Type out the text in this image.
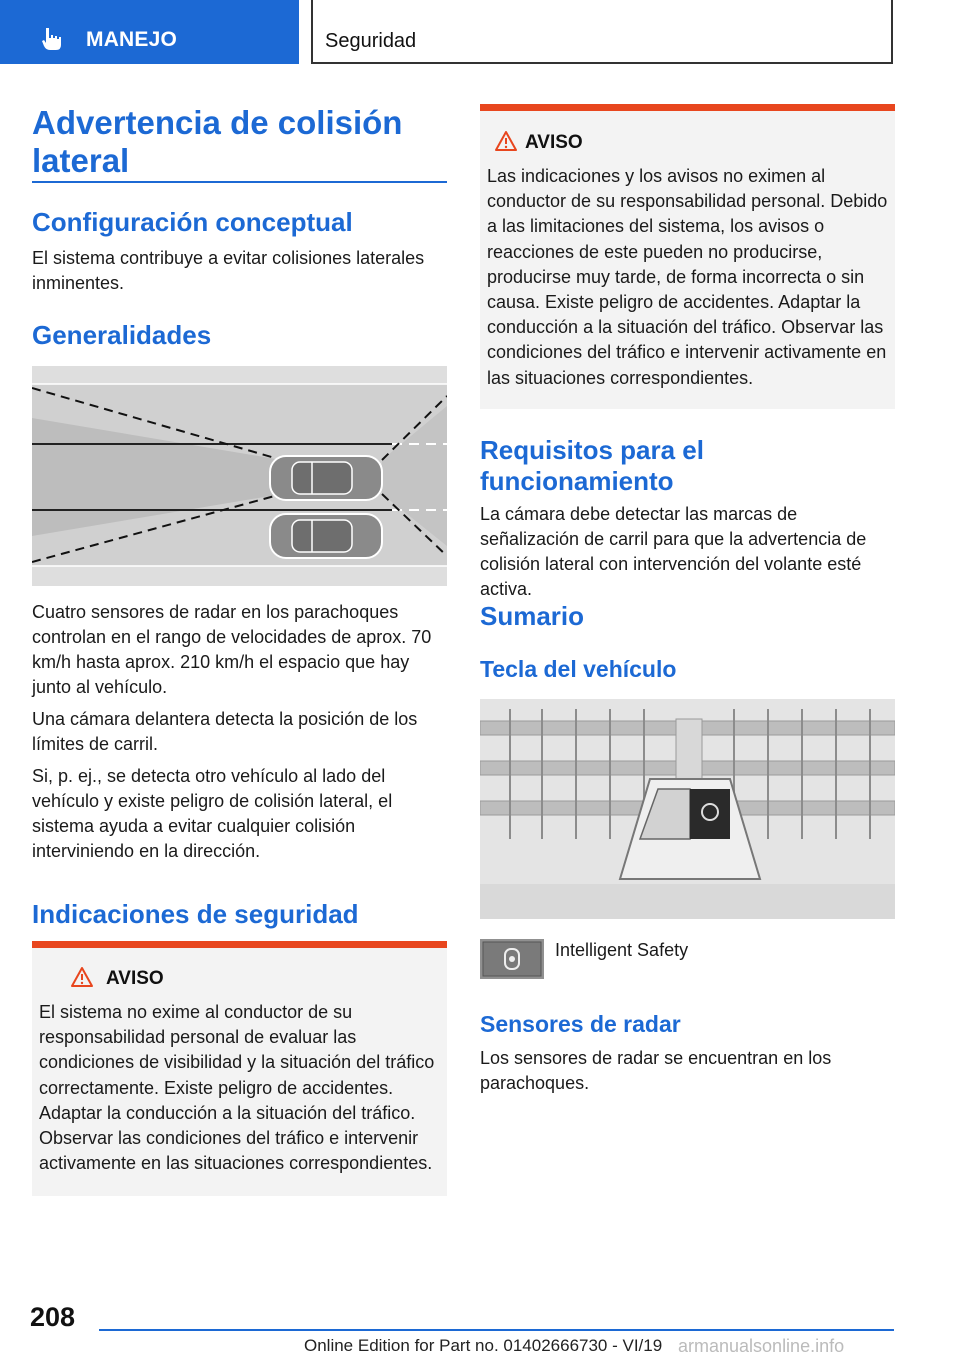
MANEJO	Seguridad
Advertencia de colisión lateral
Configuración conceptual

El sistema contribuye a evitar colisiones laterales inminentes.

Generalidades

Cuatro sensores de radar en los parachoques controlan en el rango de velocidades de aprox. 70 km/h hasta aprox. 210 km/h el espacio que hay junto al vehículo.

Una cámara delantera detecta la posición de los límites de carril.

Si, p. ej., se detecta otro vehículo al lado del vehículo y existe peligro de colisión lateral, el sistema ayuda a evitar cualquier colisión interviniendo en la dirección.

Indicaciones de seguridad
AVISO
El sistema no exime al conductor de su responsabilidad personal de evaluar las condiciones de visibilidad y la situación del tráfico correctamente. Existe peligro de accidentes. Adaptar la conducción a la situación del tráfico. Observar las condiciones del tráfico e intervenir activamente en las situaciones correspondientes.
AVISO
Las indicaciones y los avisos no eximen al conductor de su responsabilidad personal. Debido a las limitaciones del sistema, los avisos o reacciones de este pueden no producirse, producirse muy tarde, de forma incorrecta o sin causa. Existe peligro de accidentes. Adaptar la conducción a la situación del tráfico. Observar las condiciones del tráfico e intervenir activamente en las situaciones correspondientes.
Requisitos para el funcionamiento

La cámara debe detectar las marcas de señalización de carril para que la advertencia de colisión lateral con intervención del volante esté activa.

Sumario
Tecla del vehículo
Intelligent Safety
Sensores de radar

Los sensores de radar se encuentran en los parachoques.

208
Online Edition for Part no. 01402666730 - VI/19 armanualsonline.info
